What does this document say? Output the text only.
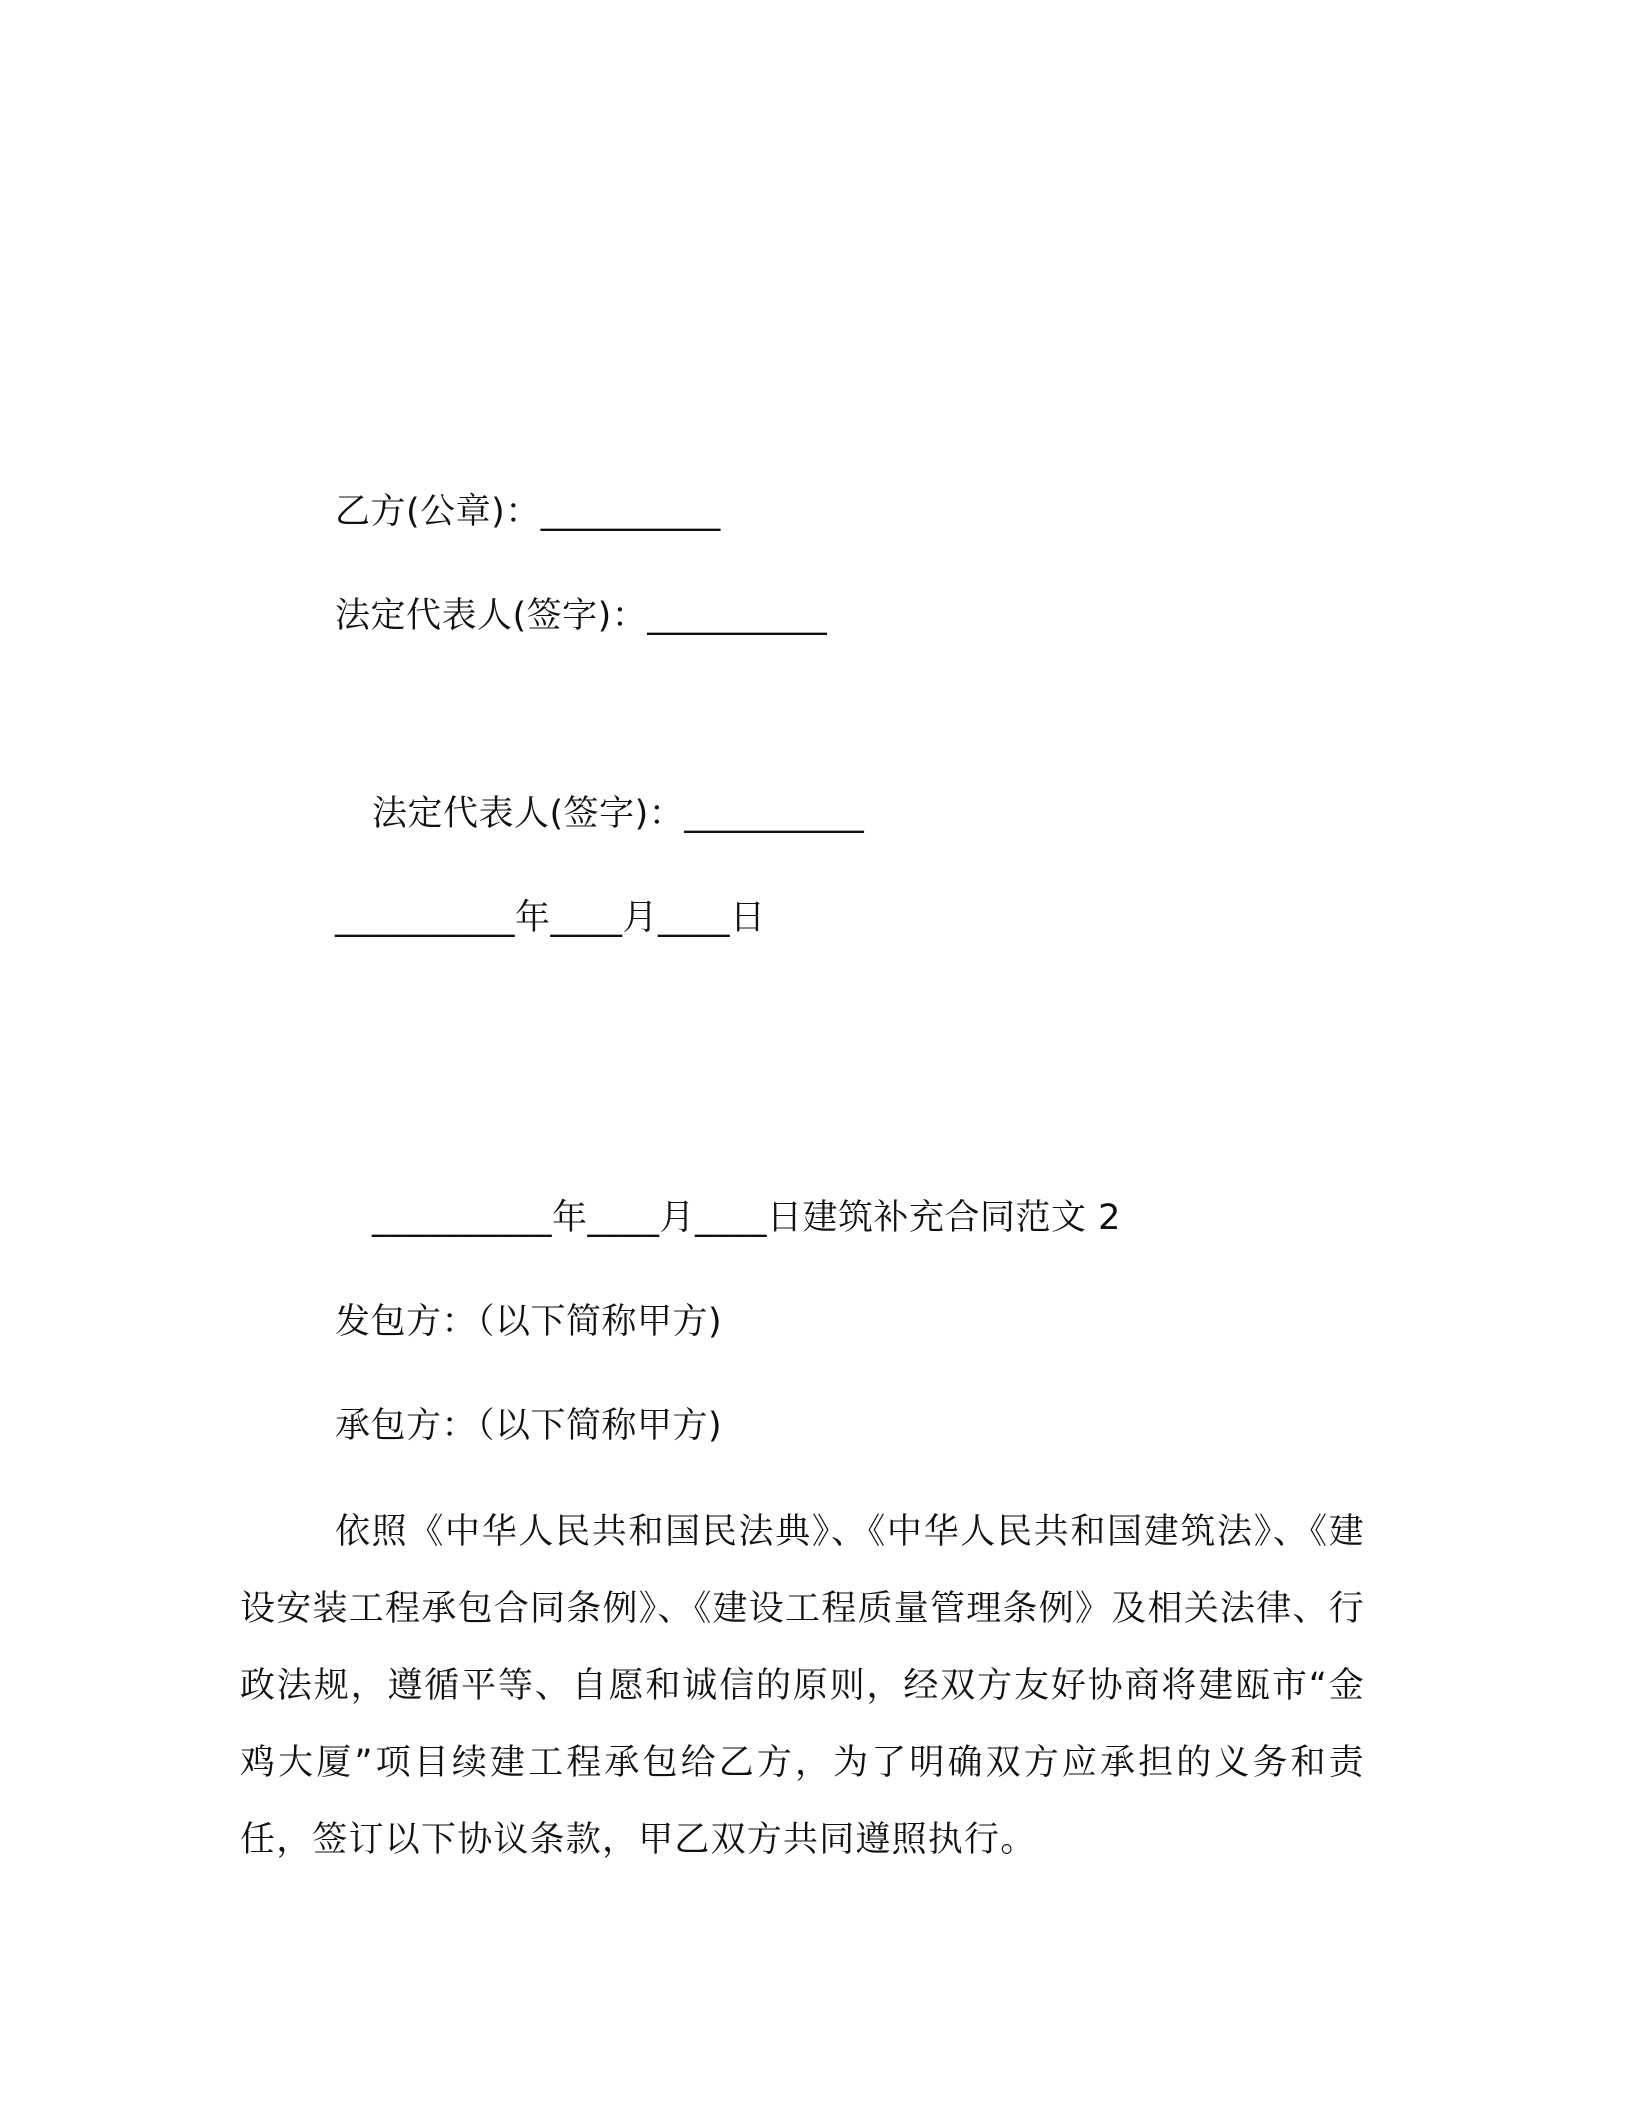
乙方(公章)：__________
法定代表人(签字)：__________
法定代表人(签字)：__________
__________年____月____日
__________年____月____日建筑补充合同范文 2
发包方：（以下简称甲方)
承包方：（以下简称甲方)
依照《中华人民共和国民法典》、《中华人民共和国建筑法》、《建设安装工程承包合同条例》、《建设工程质量管理条例》及相关法律、行政法规，遵循平等、自愿和诚信的原则，经双方友好协商将建瓯市“金鸡大厦”项目续建工程承包给乙方，为了明确双方应承担的义务和责任，签订以下协议条款，甲乙双方共同遵照执行。
